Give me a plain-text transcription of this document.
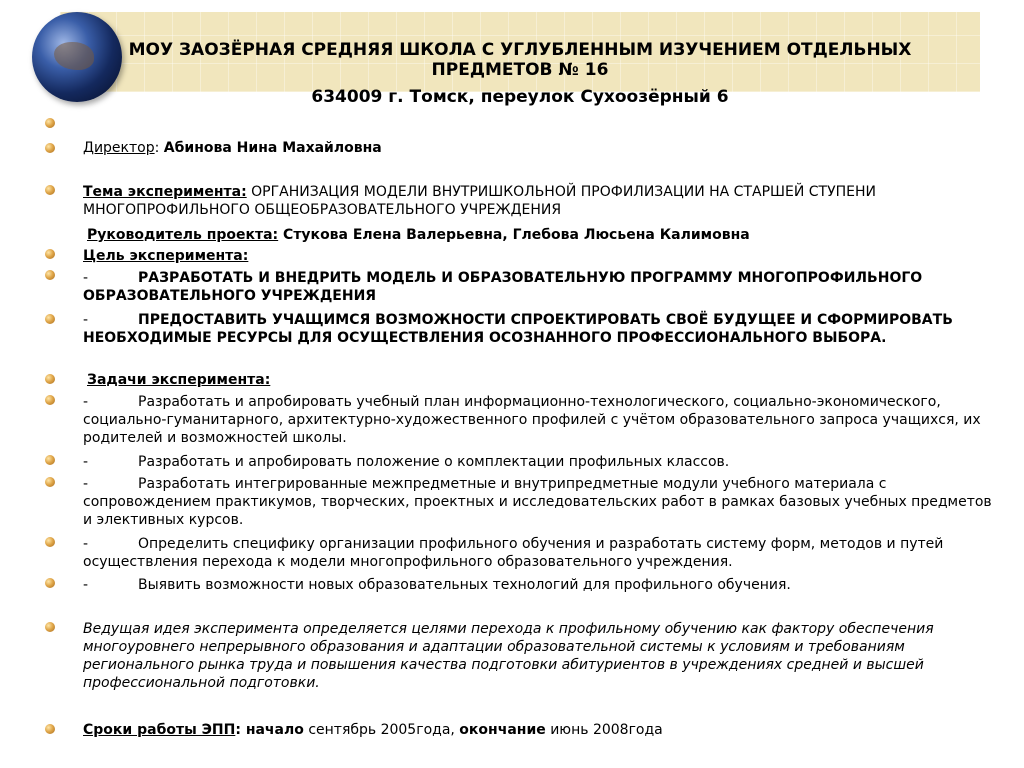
МОУ ЗАОЗЁРНАЯ СРЕДНЯЯ ШКОЛА С УГЛУБЛЕННЫМ ИЗУЧЕНИЕМ ОТДЕЛЬНЫХ ПРЕДМЕТОВ № 16
634009 г. Томск, переулок Сухоозёрный 6
Директор: Абинова Нина Махайловна
Тема эксперимента: ОРГАНИЗАЦИЯ МОДЕЛИ ВНУТРИШКОЛЬНОЙ ПРОФИЛИЗАЦИИ НА СТАРШЕЙ СТУПЕНИ МНОГОПРОФИЛЬНОГО ОБЩЕОБРАЗОВАТЕЛЬНОГО УЧРЕЖДЕНИЯ
Руководитель проекта: Стукова Елена Валерьевна, Глебова Люсьена Калимовна
Цель эксперимента:
-	РАЗРАБОТАТЬ И ВНЕДРИТЬ МОДЕЛЬ И ОБРАЗОВАТЕЛЬНУЮ ПРОГРАММУ МНОГОПРОФИЛЬНОГО ОБРАЗОВАТЕЛЬНОГО УЧРЕЖДЕНИЯ
-	ПРЕДОСТАВИТЬ УЧАЩИМСЯ ВОЗМОЖНОСТИ СПРОЕКТИРОВАТЬ СВОЁ БУДУЩЕЕ И СФОРМИРОВАТЬ НЕОБХОДИМЫЕ РЕСУРСЫ ДЛЯ ОСУЩЕСТВЛЕНИЯ ОСОЗНАННОГО ПРОФЕССИОНАЛЬНОГО ВЫБОРА.
Задачи эксперимента:
-	Разработать и апробировать учебный план информационно-технологического, социально-экономического, социально-гуманитарного, архитектурно-художественного профилей с учётом образовательного запроса учащихся, их родителей и возможностей школы.
-	Разработать и апробировать положение о комплектации профильных классов.
-	Разработать интегрированные межпредметные и внутрипредметные модули учебного материала с сопровождением практикумов, творческих, проектных и исследовательских работ в рамках базовых учебных предметов и элективных курсов.
-	Определить специфику организации профильного обучения и разработать систему форм, методов и путей осуществления перехода к модели многопрофильного образовательного учреждения.
-	Выявить возможности новых образовательных технологий для профильного обучения.
Ведущая идея эксперимента определяется целями перехода к профильному обучению как фактору обеспечения многоуровнего непрерывного образования и адаптации образовательной системы к условиям и требованиям регионального рынка труда и повышения качества подготовки абитуриентов в учреждениях средней и высшей профессиональной подготовки.
Сроки работы ЭПП: начало сентябрь 2005года, окончание июнь 2008года
